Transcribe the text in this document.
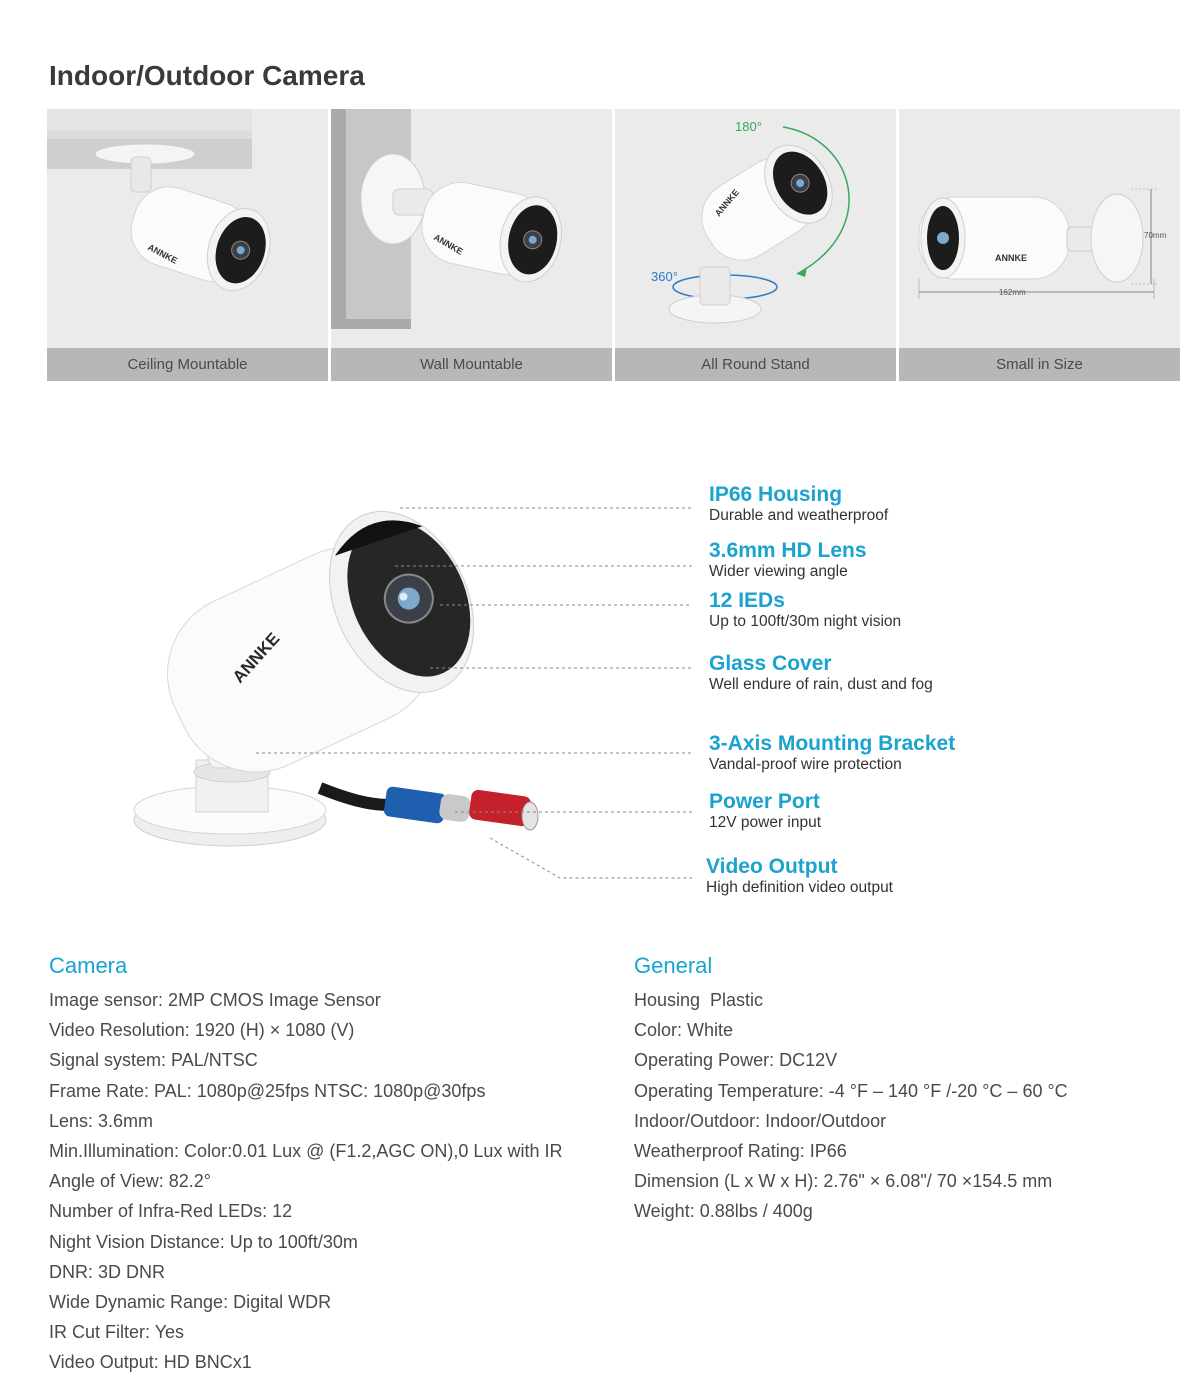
Indoor/Outdoor Camera
ANNKE
Ceiling Mountable
ANNKE
Wall Mountable
180°
360°
ANNKE
All Round Stand
ANNKE
70mm
162mm
Small in Size
ANNKE
IP66 Housing
Durable and weatherproof
3.6mm HD Lens
Wider viewing angle
12 IEDs
Up to 100ft/30m night vision
Glass Cover
Well endure of rain, dust and fog
3-Axis Mounting Bracket
Vandal-proof wire protection
Power Port
12V power input
Video Output
High definition video output
Camera
Image sensor: 2MP CMOS Image Sensor
Video Resolution: 1920 (H) × 1080 (V)
Signal system: PAL/NTSC
Frame Rate: PAL: 1080p@25fps NTSC: 1080p@30fps
Lens: 3.6mm
Min.Illumination: Color:0.01 Lux @ (F1.2,AGC ON),0 Lux with IR
Angle of View: 82.2°
Number of Infra-Red LEDs: 12
Night Vision Distance: Up to 100ft/30m
DNR: 3D DNR
Wide Dynamic Range: Digital WDR
IR Cut Filter: Yes
Video Output: HD BNCx1
General
Housing  Plastic
Color: White
Operating Power: DC12V
Operating Temperature: -4 °F – 140 °F /-20 °C – 60 °C
Indoor/Outdoor: Indoor/Outdoor
Weatherproof Rating: IP66
Dimension (L x W x H): 2.76" × 6.08"/ 70 ×154.5 mm
Weight: 0.88lbs / 400g
